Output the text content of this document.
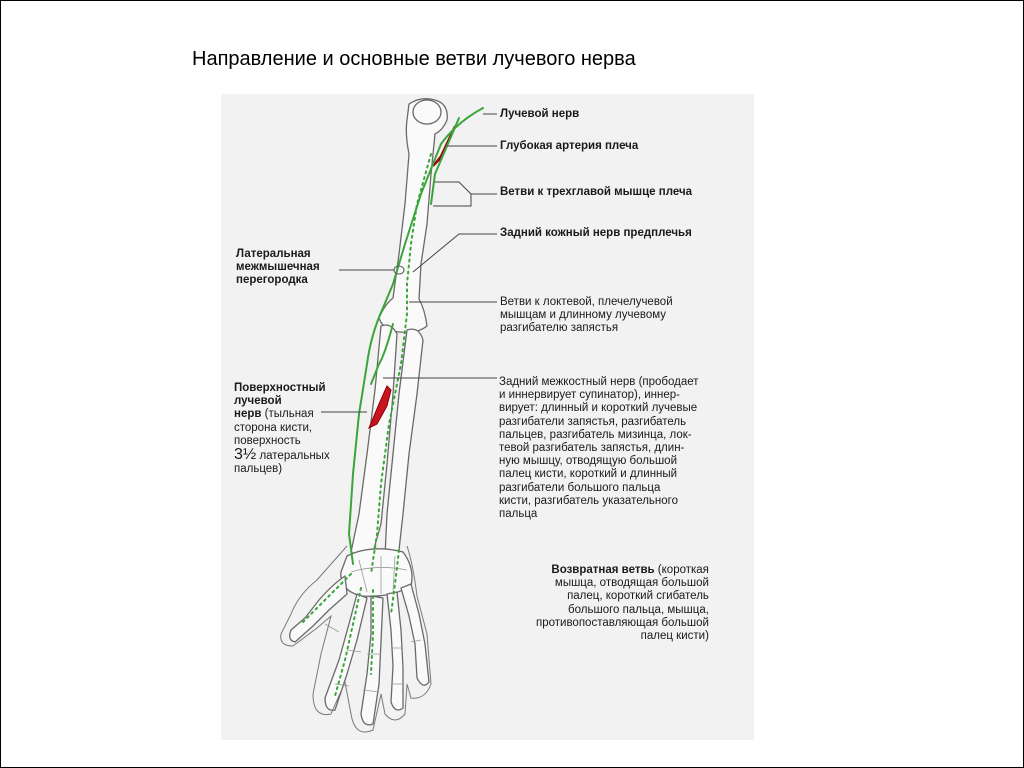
Направление и основные ветви лучевого нерва
Лучевой нерв
Глубокая артерия плеча
Ветви к трехглавой мышце плеча
Задний кожный нерв предплечья
Ветви к локтевой, плечелучевой
мышцам и длинному лучевому
разгибателю запястья
Задний межкостный нерв (прободает
и иннервирует супинатор), иннер-
вирует: длинный и короткий лучевые
разгибатели запястья, разгибатель
пальцев, разгибатель мизинца, лок-
тевой разгибатель запястья, длин-
ную мышцу, отводящую большой
палец кисти, короткий и длинный
разгибатели большого пальца
кисти, разгибатель указательного
пальца
Возвратная ветвь (короткая
мышца, отводящая большой
палец, короткий сгибатель
большого пальца, мышца,
противопоставляющая большой
палец кисти)
Латеральная
межмышечная
перегородка
Поверхностный
лучевой
нерв (тыльная
сторона кисти,
поверхность
3½ латеральных
пальцев)
